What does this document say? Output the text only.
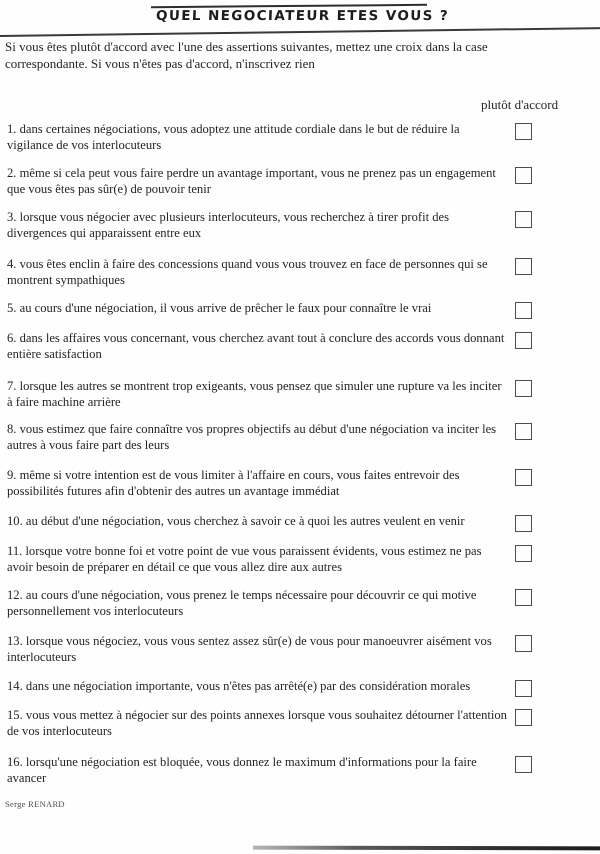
QUEL NEGOCIATEUR ETES VOUS ?
Si vous êtes plutôt d'accord avec l'une des assertions suivantes, mettez une croix dans la case correspondante. Si vous n'êtes pas d'accord, n'inscrivez rien
plutôt d'accord
1. dans certaines négociations, vous adoptez une attitude cordiale dans le but de réduire la vigilance de vos interlocuteurs
2. même si cela peut vous faire perdre un avantage important, vous ne prenez pas un engagement que vous êtes pas sûr(e) de pouvoir tenir
3. lorsque vous négocier avec plusieurs interlocuteurs, vous recherchez à tirer profit des divergences qui apparaissent entre eux
4. vous êtes enclin à faire des concessions quand vous vous trouvez en face de personnes qui se montrent sympathiques
5. au cours d'une négociation, il vous arrive de prêcher le faux pour connaître le vrai
6. dans les affaires vous concernant, vous cherchez avant tout à conclure des accords vous donnant entière satisfaction
7. lorsque les autres se montrent trop exigeants, vous pensez que simuler une rupture va les inciter à faire machine arrière
8. vous estimez que faire connaître vos propres objectifs au début d'une négociation va inciter les autres à vous faire part des leurs
9. même si votre intention est de vous limiter à l'affaire en cours, vous faites entrevoir des possibilités futures afin d'obtenir des autres un avantage immédiat
10. au début d'une négociation, vous cherchez à savoir ce à quoi les autres veulent en venir
11. lorsque votre bonne foi et votre point de vue vous paraissent évidents, vous estimez ne pas avoir besoin de préparer en détail ce que vous allez dire aux autres
12. au cours d'une négociation, vous prenez le temps nécessaire pour découvrir ce qui motive personnellement vos interlocuteurs
13. lorsque vous négociez, vous vous sentez assez sûr(e) de vous pour manoeuvrer aisément vos interlocuteurs
14. dans une négociation importante, vous n'êtes pas arrêté(e) par des considération morales
15. vous vous mettez à négocier sur des points annexes lorsque vous souhaitez détourner l'attention de vos interlocuteurs
16. lorsqu'une négociation est bloquée, vous donnez le maximum d'informations pour la faire avancer
Serge RENARD
